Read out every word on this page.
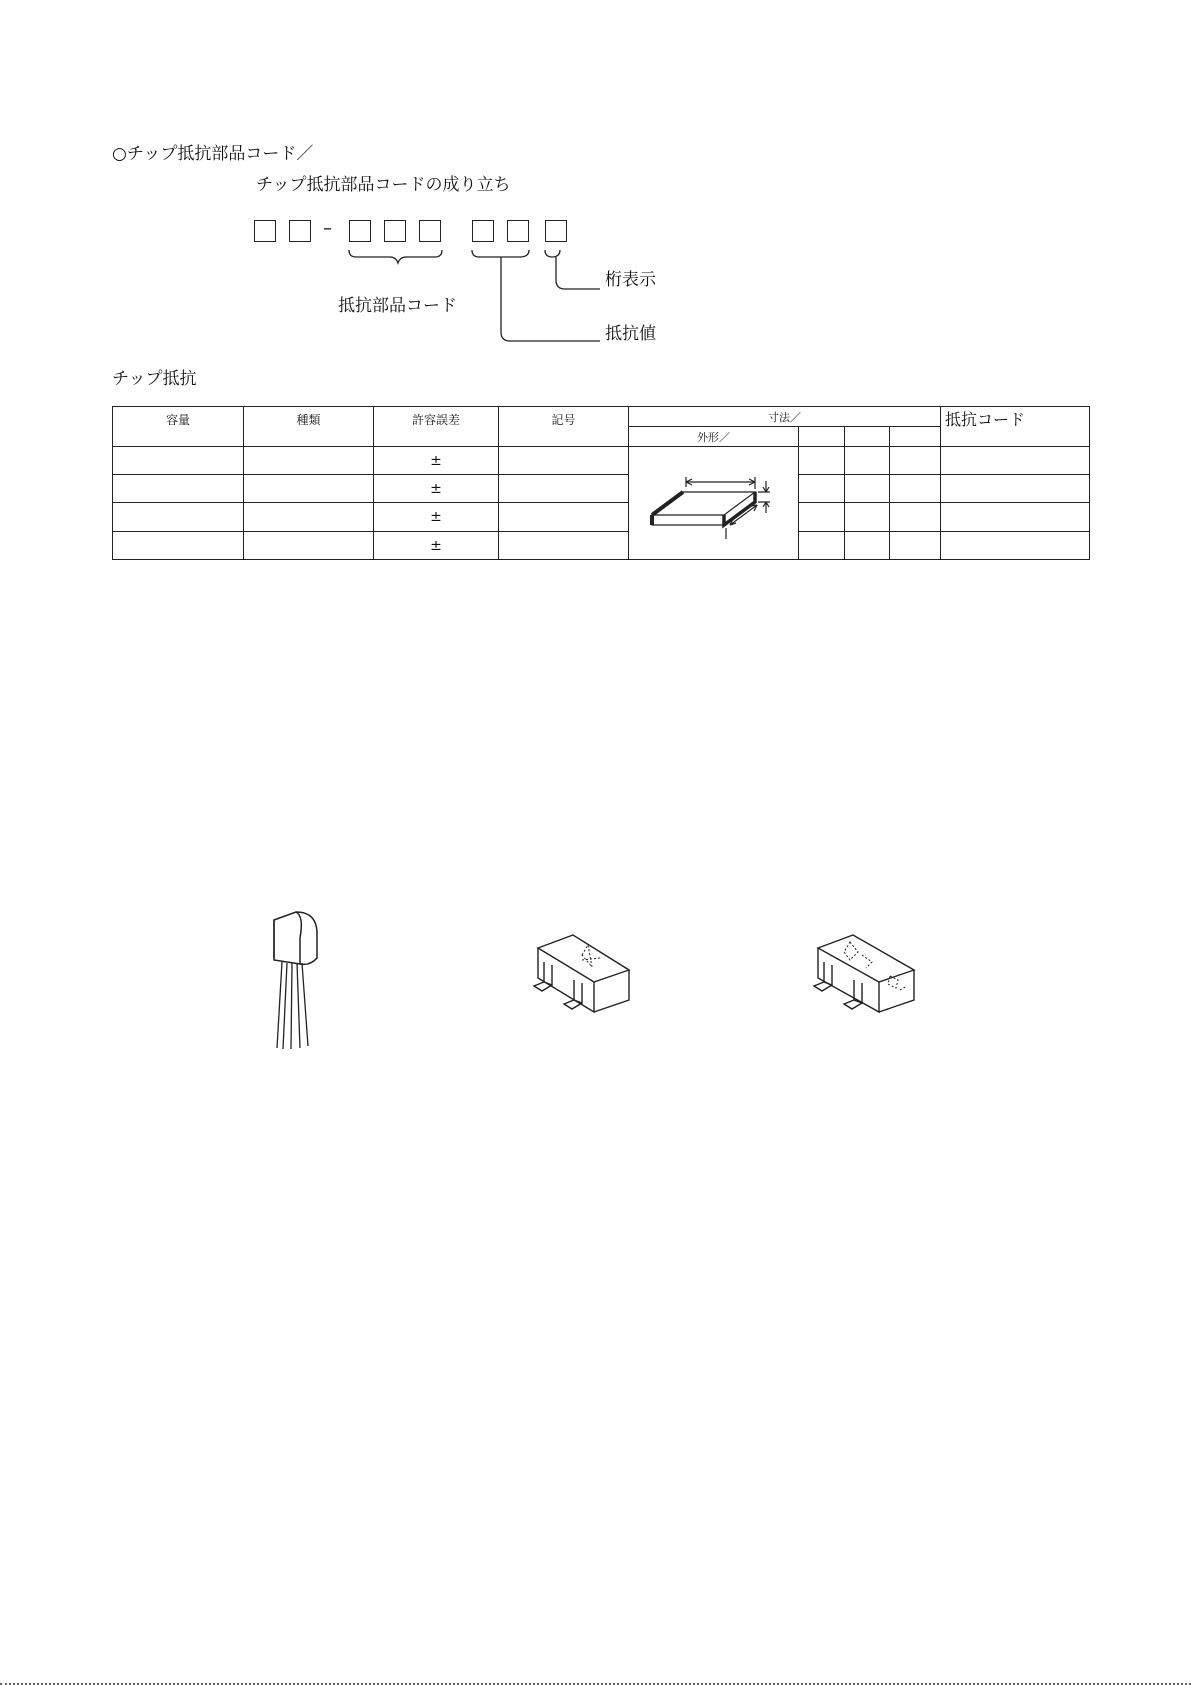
○チップ抵抗部品コード／
チップ抵抗部品コードの成り立ち
–
抵抗部品コード
桁表示
抵抗値
チップ抵抗
容量	種類	許容誤差	記号	寸法／				抵抗コード
				外形／				
		±		

		±						
		±						
		±						
